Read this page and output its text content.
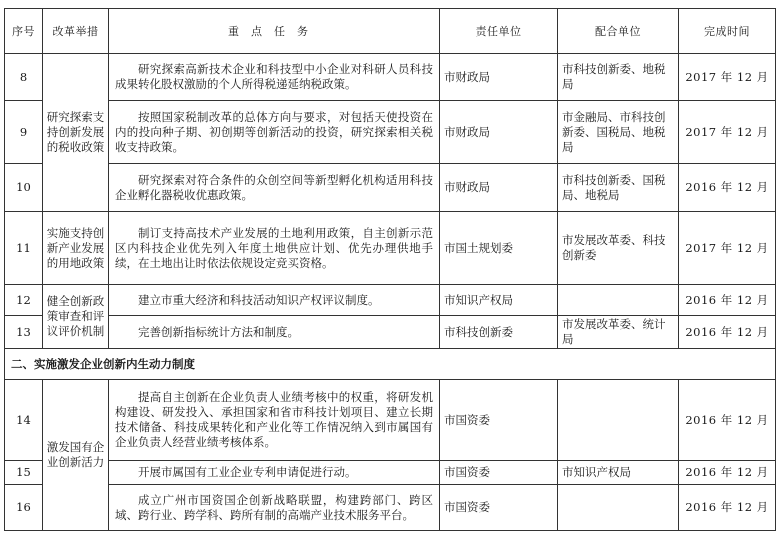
序号	改革举措	重点任务	责任单位	配合单位	完成时间
8	研究探索支持创新发展的税收政策	研究探索高新技术企业和科技型中小企业对科研人员科技成果转化股权激励的个人所得税递延纳税政策。	市财政局	市科技创新委、地税局	2017 年 12 月
9		按照国家税制改革的总体方向与要求，对包括天使投资在内的投向种子期、初创期等创新活动的投资，研究探索相关税收支持政策。	市财政局	市金融局、市科技创新委、国税局、地税局	2017 年 12 月
10		研究探索对符合条件的众创空间等新型孵化机构适用科技企业孵化器税收优惠政策。	市财政局	市科技创新委、国税局、地税局	2016 年 12 月
11	实施支持创新产业发展的用地政策	制订支持高技术产业发展的土地利用政策，自主创新示范区内科技企业优先列入年度土地供应计划、优先办理供地手续，在土地出让时依法依规设定竞买资格。	市国土规划委	市发展改革委、科技创新委	2017 年 12 月
12	健全创新政策审查和评议评价机制	建立市重大经济和科技活动知识产权评议制度。	市知识产权局		2016 年 12 月
13		完善创新指标统计方法和制度。	市科技创新委	市发展改革委、统计局	2016 年 12 月
二、实施激发企业创新内生动力制度					
14	激发国有企业创新活力	提高自主创新在企业负责人业绩考核中的权重，将研发机构建设、研发投入、承担国家和省市科技计划项目、建立长期技术储备、科技成果转化和产业化等工作情况纳入到市属国有企业负责人经营业绩考核体系。	市国资委		2016 年 12 月
15		开展市属国有工业企业专利申请促进行动。	市国资委	市知识产权局	2016 年 12 月
16		成立广州市国资国企创新战略联盟，构建跨部门、跨区域、跨行业、跨学科、跨所有制的高端产业技术服务平台。	市国资委		2016 年 12 月
